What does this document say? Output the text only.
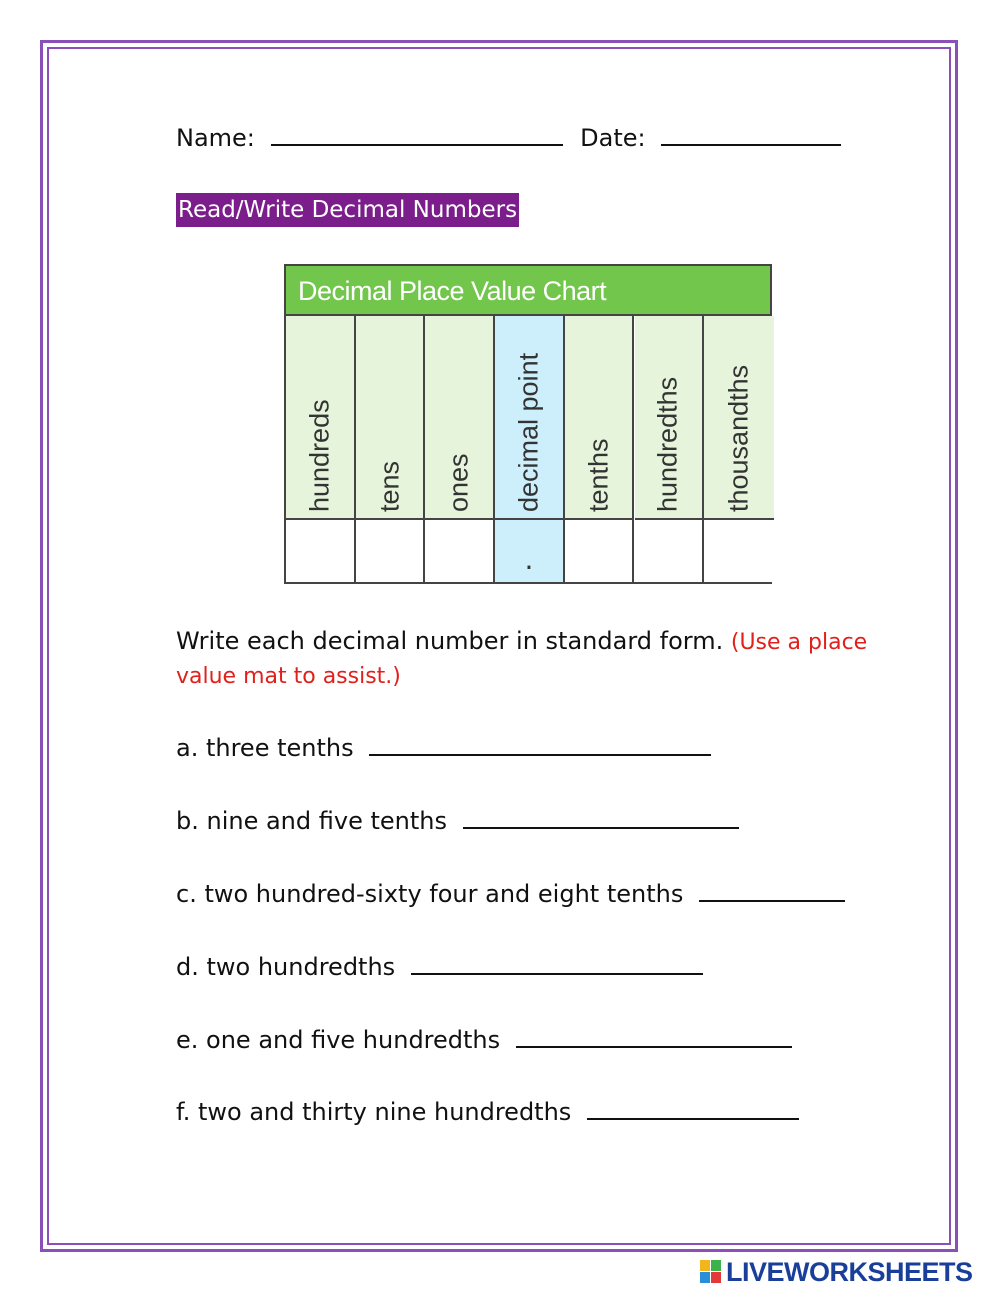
Name:	Date:
Read/Write Decimal Numbers
Decimal Place Value Chart
hundreds tens ones decimal point
.
tenths hundredths thousandths
Write each decimal number in standard form. (Use a place value mat to assist.)
a. three tenths
b. nine and five tenths
c. two hundred-sixty four and eight tenths
d. two hundredths
e. one and five hundredths
f. two and thirty nine hundredths
LIVEWORKSHEETS
